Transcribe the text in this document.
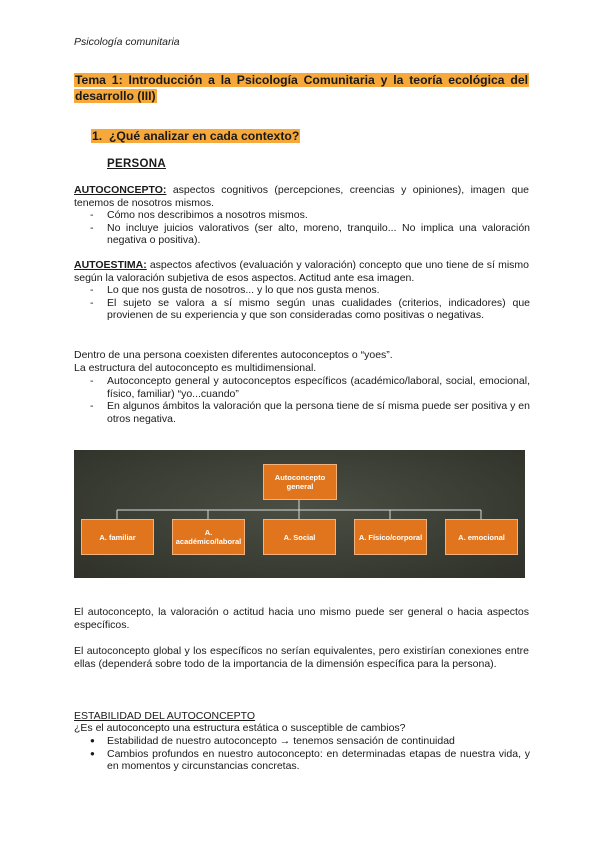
Psicología comunitaria
Tema 1: Introducción a la Psicología Comunitaria y la teoría ecológica del desarrollo (III)
1. ¿Qué analizar en cada contexto?
PERSONA
AUTOCONCEPTO: aspectos cognitivos (percepciones, creencias y opiniones), imagen que tenemos de nosotros mismos.
- Cómo nos describimos a nosotros mismos.
- No incluye juicios valorativos (ser alto, moreno, tranquilo... No implica una valoración negativa o positiva).
AUTOESTIMA: aspectos afectivos (evaluación y valoración) concepto que uno tiene de sí mismo según la valoración subjetiva de esos aspectos. Actitud ante esa imagen.
- Lo que nos gusta de nosotros... y lo que nos gusta menos.
- El sujeto se valora a sí mismo según unas cualidades (criterios, indicadores) que provienen de su experiencia y que son consideradas como positivas o negativas.
Dentro de una persona coexisten diferentes autoconceptos o “yoes”.
La estructura del autoconcepto es multidimensional.
- Autoconcepto general y autoconceptos específicos (académico/laboral, social, emocional, físico, familiar) “yo...cuando”
- En algunos ámbitos la valoración que la persona tiene de sí misma puede ser positiva y en otros negativa.
Autoconcepto general
A. familiar	A. académico/laboral	A. Social	A. Físico/corporal	A. emocional
El autoconcepto, la valoración o actitud hacia uno mismo puede ser general o hacia aspectos específicos.
El autoconcepto global y los específicos no serían equivalentes, pero existirían conexiones entre ellas (dependerá sobre todo de la importancia de la dimensión específica para la persona).
ESTABILIDAD DEL AUTOCONCEPTO
¿Es el autoconcepto una estructura estática o susceptible de cambios?
● Estabilidad de nuestro autoconcepto → tenemos sensación de continuidad
● Cambios profundos en nuestro autoconcepto: en determinadas etapas de nuestra vida, y en momentos y circunstancias concretas.
